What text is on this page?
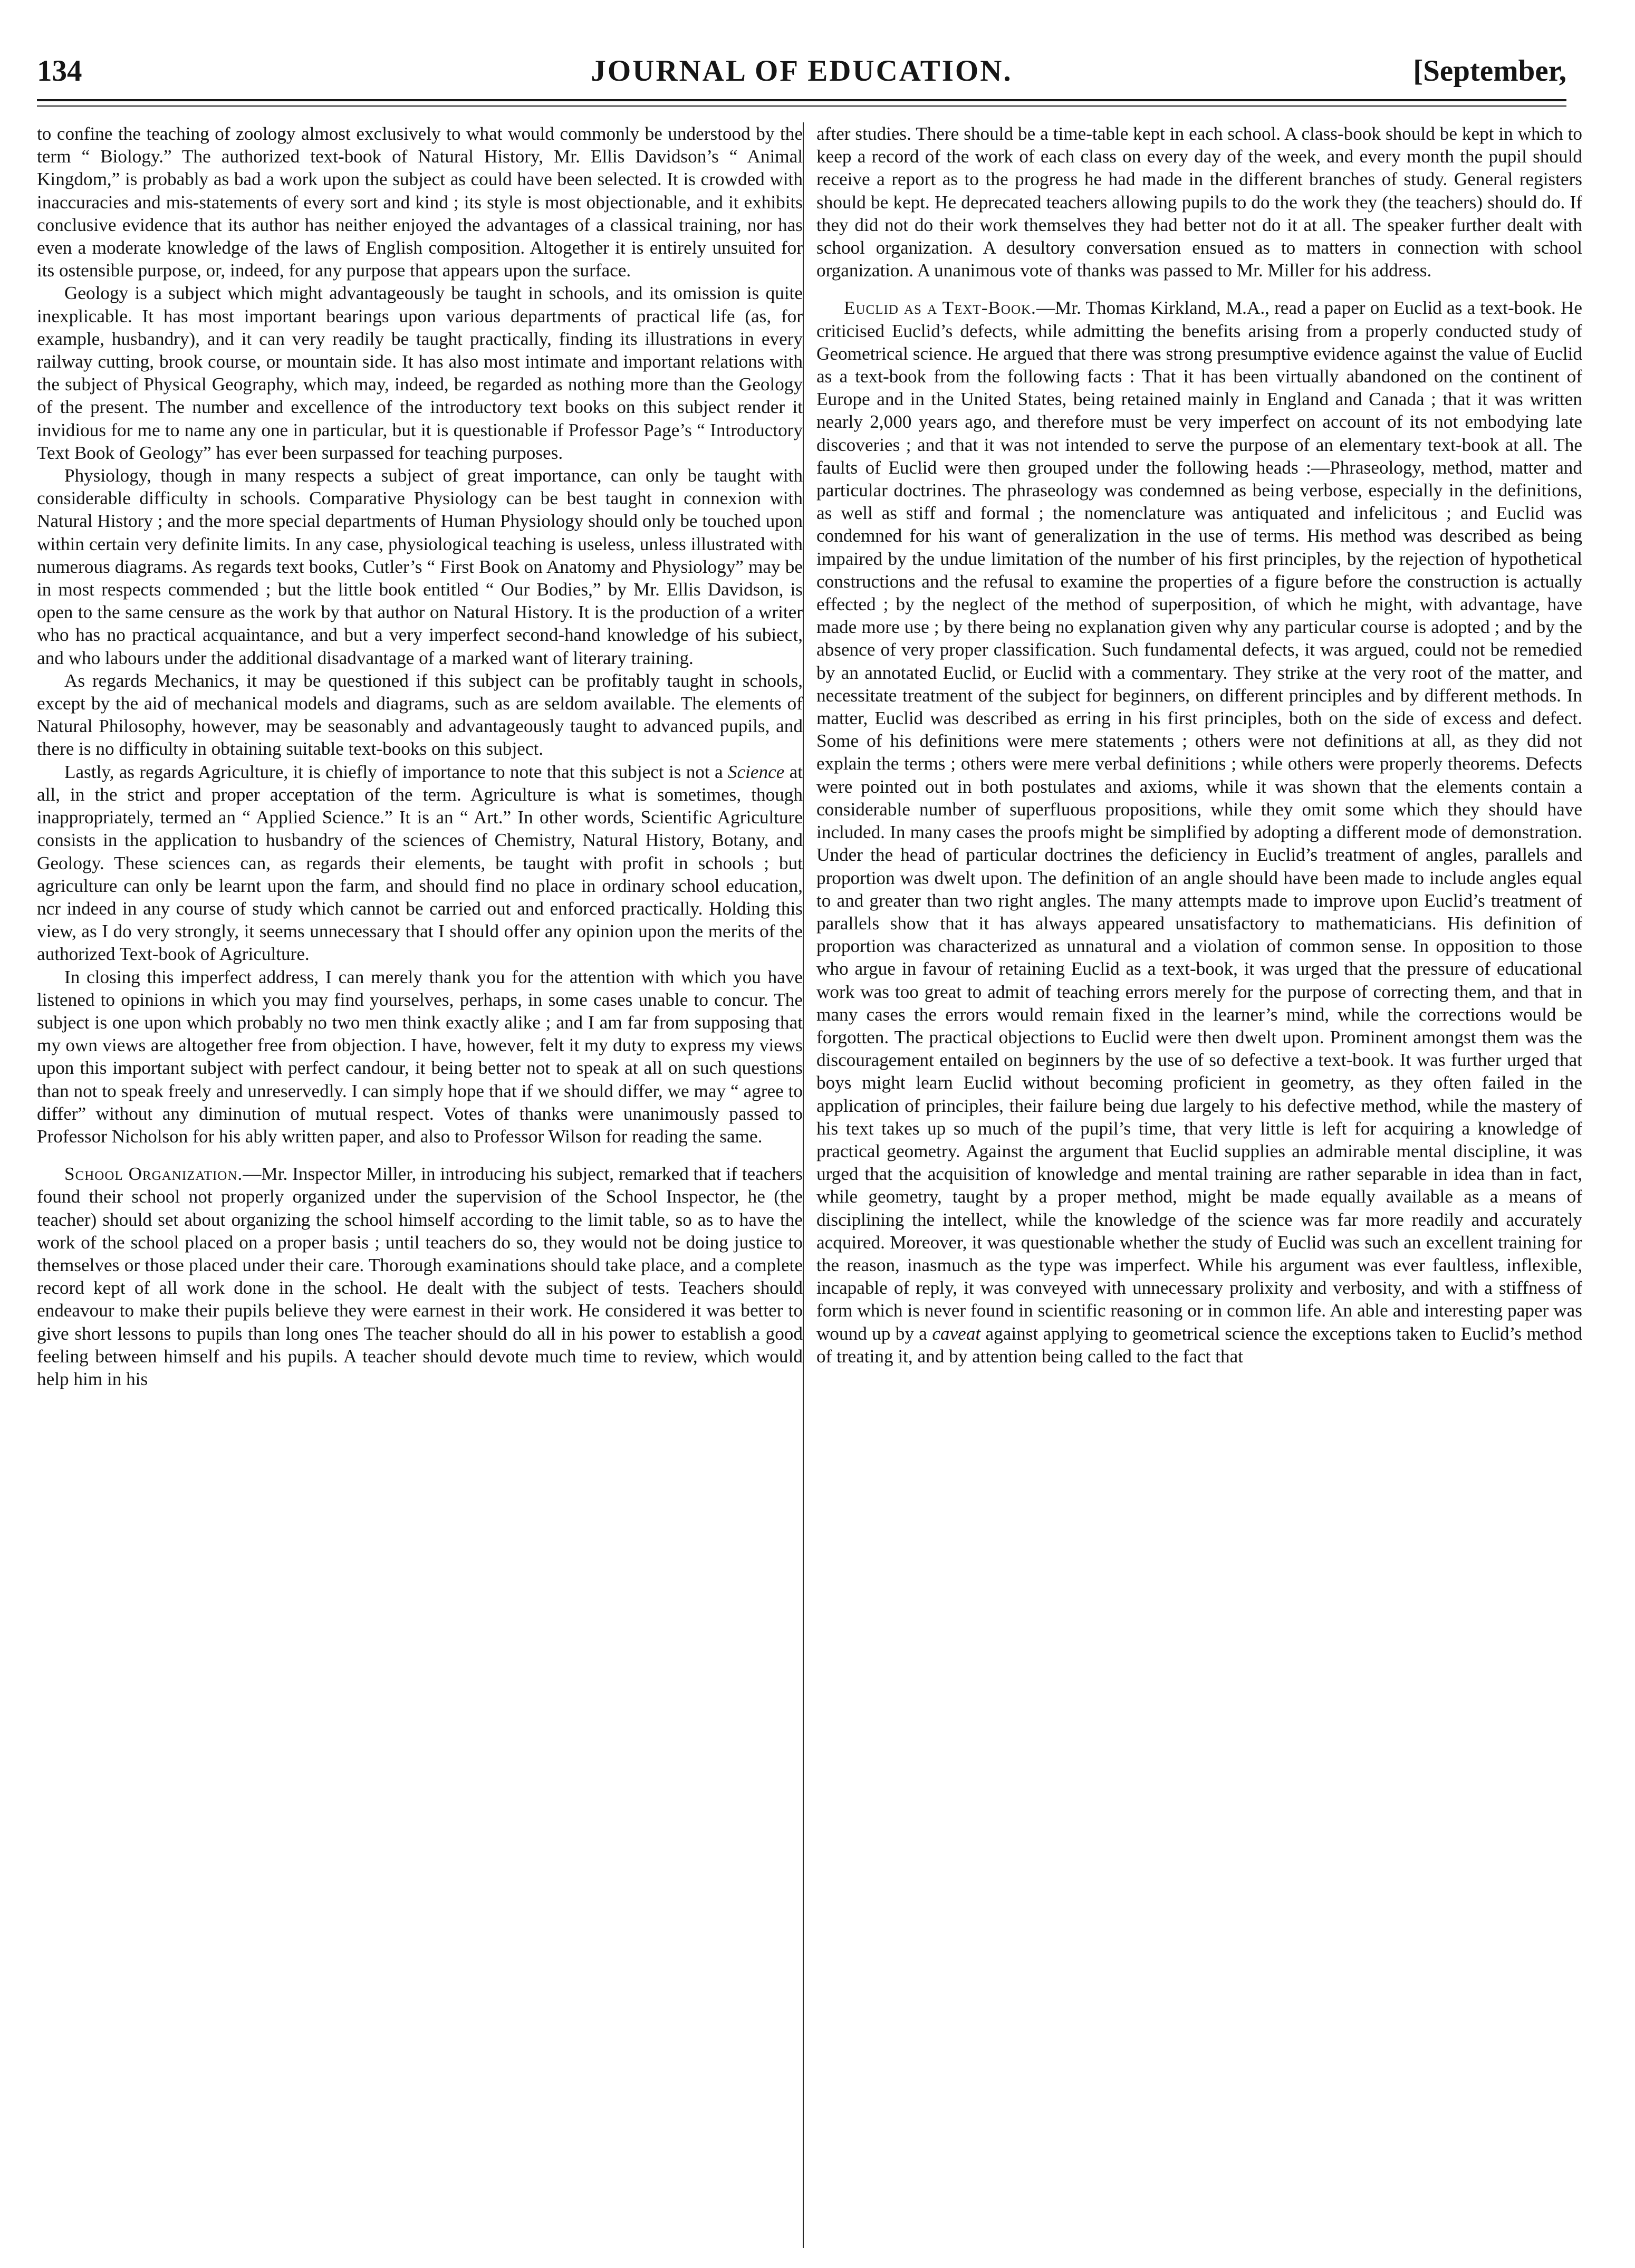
134	JOURNAL OF EDUCATION.	[September,

to confine the teaching of zoology almost exclusively to what would commonly be understood by the term “ Biology.” The authorized text-book of Natural History, Mr. Ellis Davidson’s “ Animal Kingdom,” is probably as bad a work upon the subject as could have been selected. It is crowded with inaccuracies and mis-statements of every sort and kind ; its style is most objectionable, and it exhibits conclusive evidence that its author has neither enjoyed the advantages of a classical training, nor has even a moderate knowledge of the laws of English composition. Altogether it is entirely unsuited for its ostensible purpose, or, indeed, for any purpose that appears upon the surface.

Geology is a subject which might advantageously be taught in schools, and its omission is quite inexplicable. It has most important bearings upon various departments of practical life (as, for example, husbandry), and it can very readily be taught practically, finding its illustrations in every railway cutting, brook course, or mountain side. It has also most intimate and important relations with the subject of Physical Geography, which may, indeed, be regarded as nothing more than the Geology of the present. The number and excellence of the introductory text books on this subject render it invidious for me to name any one in particular, but it is questionable if Professor Page’s “ Introductory Text Book of Geology” has ever been surpassed for teaching purposes.

Physiology, though in many respects a subject of great importance, can only be taught with considerable difficulty in schools. Comparative Physiology can be best taught in connexion with Natural History ; and the more special departments of Human Physiology should only be touched upon within certain very definite limits. In any case, physiological teaching is useless, unless illustrated with numerous diagrams. As regards text books, Cutler’s “ First Book on Anatomy and Physiology” may be in most respects commended ; but the little book entitled “ Our Bodies,” by Mr. Ellis Davidson, is open to the same censure as the work by that author on Natural History. It is the production of a writer who has no practical acquaintance, and but a very imperfect second-hand knowledge of his subiect, and who labours under the additional disadvantage of a marked want of literary training.

As regards Mechanics, it may be questioned if this subject can be profitably taught in schools, except by the aid of mechanical models and diagrams, such as are seldom available. The elements of Natural Philosophy, however, may be seasonably and advantageously taught to advanced pupils, and there is no difficulty in obtaining suitable text-books on this subject.

Lastly, as regards Agriculture, it is chiefly of importance to note that this subject is not a Science at all, in the strict and proper acceptation of the term. Agriculture is what is sometimes, though inappropriately, termed an “ Applied Science.” It is an “ Art.” In other words, Scientific Agriculture consists in the application to husbandry of the sciences of Chemistry, Natural History, Botany, and Geology. These sciences can, as regards their elements, be taught with profit in schools ; but agriculture can only be learnt upon the farm, and should find no place in ordinary school education, ncr indeed in any course of study which cannot be carried out and enforced practically. Holding this view, as I do very strongly, it seems unnecessary that I should offer any opinion upon the merits of the authorized Text-book of Agriculture.

In closing this imperfect address, I can merely thank you for the attention with which you have listened to opinions in which you may find yourselves, perhaps, in some cases unable to concur. The subject is one upon which probably no two men think exactly alike ; and I am far from supposing that my own views are altogether free from objection. I have, however, felt it my duty to express my views upon this important subject with perfect candour, it being better not to speak at all on such questions than not to speak freely and unreservedly. I can simply hope that if we should differ, we may “ agree to differ” without any diminution of mutual respect. Votes of thanks were unanimously passed to Professor Nicholson for his ably written paper, and also to Professor Wilson for reading the same.

School Organization.—Mr. Inspector Miller, in introducing his subject, remarked that if teachers found their school not properly organized under the supervision of the School Inspector, he (the teacher) should set about organizing the school himself according to the limit table, so as to have the work of the school placed on a proper basis ; until teachers do so, they would not be doing justice to themselves or those placed under their care. Thorough examinations should take place, and a complete record kept of all work done in the school. He dealt with the subject of tests. Teachers should endeavour to make their pupils believe they were earnest in their work. He considered it was better to give short lessons to pupils than long ones The teacher should do all in his power to establish a good feeling between himself and his pupils. A teacher should devote much time to review, which would help him in his

after studies. There should be a time-table kept in each school. A class-book should be kept in which to keep a record of the work of each class on every day of the week, and every month the pupil should receive a report as to the progress he had made in the different branches of study. General registers should be kept. He deprecated teachers allowing pupils to do the work they (the teachers) should do. If they did not do their work themselves they had better not do it at all. The speaker further dealt with school organization. A desultory conversation ensued as to matters in connection with school organization. A unanimous vote of thanks was passed to Mr. Miller for his address.

Euclid as a Text-Book.—Mr. Thomas Kirkland, M.A., read a paper on Euclid as a text-book. He criticised Euclid’s defects, while admitting the benefits arising from a properly conducted study of Geometrical science. He argued that there was strong presumptive evidence against the value of Euclid as a text-book from the following facts : That it has been virtually abandoned on the continent of Europe and in the United States, being retained mainly in England and Canada ; that it was written nearly 2,000 years ago, and therefore must be very imperfect on account of its not embodying late discoveries ; and that it was not intended to serve the purpose of an elementary text-book at all. The faults of Euclid were then grouped under the following heads :—Phraseology, method, matter and particular doctrines. The phraseology was condemned as being verbose, especially in the definitions, as well as stiff and formal ; the nomenclature was antiquated and infelicitous ; and Euclid was condemned for his want of generalization in the use of terms. His method was described as being impaired by the undue limitation of the number of his first principles, by the rejection of hypothetical constructions and the refusal to examine the properties of a figure before the construction is actually effected ; by the neglect of the method of superposition, of which he might, with advantage, have made more use ; by there being no explanation given why any particular course is adopted ; and by the absence of very proper classification. Such fundamental defects, it was argued, could not be remedied by an annotated Euclid, or Euclid with a commentary. They strike at the very root of the matter, and necessitate treatment of the subject for beginners, on different principles and by different methods. In matter, Euclid was described as erring in his first principles, both on the side of excess and defect. Some of his definitions were mere statements ; others were not definitions at all, as they did not explain the terms ; others were mere verbal definitions ; while others were properly theorems. Defects were pointed out in both postulates and axioms, while it was shown that the elements contain a considerable number of superfluous propositions, while they omit some which they should have included. In many cases the proofs might be simplified by adopting a different mode of demonstration. Under the head of particular doctrines the deficiency in Euclid’s treatment of angles, parallels and proportion was dwelt upon. The definition of an angle should have been made to include angles equal to and greater than two right angles. The many attempts made to improve upon Euclid’s treatment of parallels show that it has always appeared unsatisfactory to mathematicians. His definition of proportion was characterized as unnatural and a violation of common sense. In opposition to those who argue in favour of retaining Euclid as a text-book, it was urged that the pressure of educational work was too great to admit of teaching errors merely for the purpose of correcting them, and that in many cases the errors would remain fixed in the learner’s mind, while the corrections would be forgotten. The practical objections to Euclid were then dwelt upon. Prominent amongst them was the discouragement entailed on beginners by the use of so defective a text-book. It was further urged that boys might learn Euclid without becoming proficient in geometry, as they often failed in the application of principles, their failure being due largely to his defective method, while the mastery of his text takes up so much of the pupil’s time, that very little is left for acquiring a knowledge of practical geometry. Against the argument that Euclid supplies an admirable mental discipline, it was urged that the acquisition of knowledge and mental training are rather separable in idea than in fact, while geometry, taught by a proper method, might be made equally available as a means of disciplining the intellect, while the knowledge of the science was far more readily and accurately acquired. Moreover, it was questionable whether the study of Euclid was such an excellent training for the reason, inasmuch as the type was imperfect. While his argument was ever faultless, inflexible, incapable of reply, it was conveyed with unnecessary prolixity and verbosity, and with a stiffness of form which is never found in scientific reasoning or in common life. An able and interesting paper was wound up by a caveat against applying to geometrical science the exceptions taken to Euclid’s method of treating it, and by attention being called to the fact that
